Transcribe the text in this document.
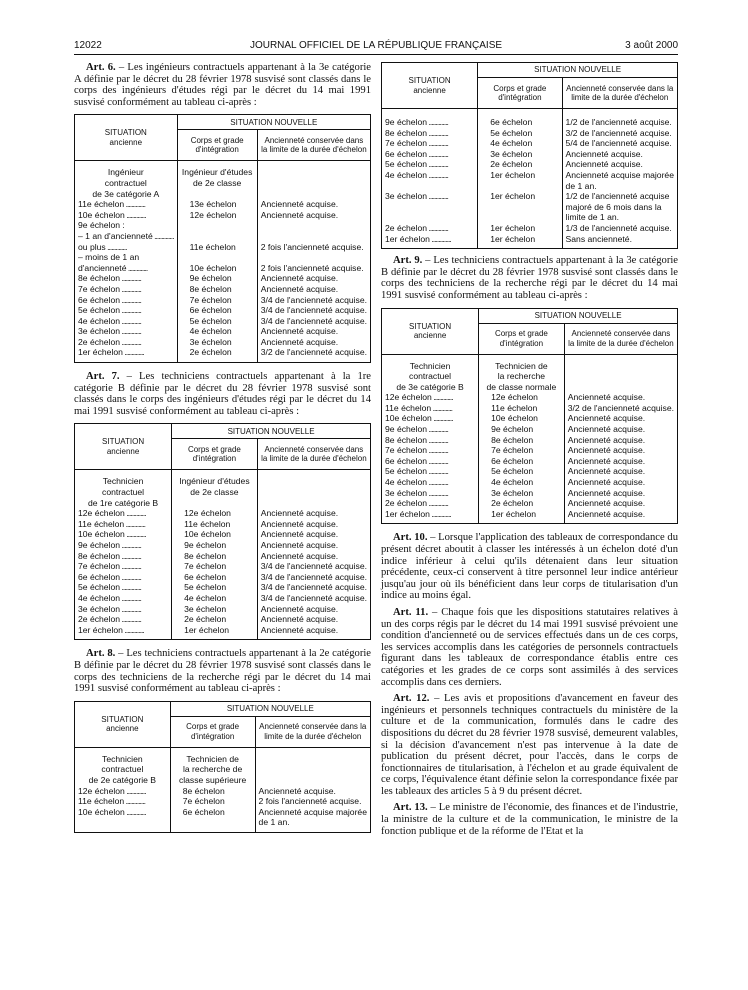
12022	JOURNAL OFFICIEL DE LA RÉPUBLIQUE FRANÇAISE	3 août 2000

Art. 6. – Les ingénieurs contractuels appartenant à la 3e catégorie A définie par le décret du 28 février 1978 susvisé sont classés dans le corps des ingénieurs d'études régi par le décret du 14 mai 1991 susvisé conformément au tableau ci-après :

SITUATION
ancienne	SITUATION NOUVELLE	
	Corps et grade d'intégration	Ancienneté conservée dans la limite de la durée d'échelon

Ingénieur	Ingénieur d'études	
contractuel	de 2e classe	
de 3e catégorie A		
11e échelon .....	13e échelon	Ancienneté acquise.
10e échelon .....	12e échelon	Ancienneté acquise.
9e échelon :		
– 1 an d'ancienneté .....		
ou plus .....	11e échelon	2 fois l'ancienneté acquise.
– moins de 1 an		
d'ancienneté .....	10e échelon	2 fois l'ancienneté acquise.
8e échelon .....	9e échelon	Ancienneté acquise.
7e échelon .....	8e échelon	Ancienneté acquise.
6e échelon .....	7e échelon	3/4 de l'ancienneté acquise.
5e échelon .....	6e échelon	3/4 de l'ancienneté acquise.
4e échelon .....	5e échelon	3/4 de l'ancienneté acquise.
3e échelon .....	4e échelon	Ancienneté acquise.
2e échelon .....	3e échelon	Ancienneté acquise.
1er échelon .....	2e échelon	3/2 de l'ancienneté acquise.

Art. 7. – Les techniciens contractuels appartenant à la 1re catégorie B définie par le décret du 28 février 1978 susvisé sont classés dans le corps des ingénieurs d'études régi par le décret du 14 mai 1991 susvisé conformément au tableau ci-après :

SITUATION
ancienne	SITUATION NOUVELLE	
	Corps et grade d'intégration	Ancienneté conservée dans la limite de la durée d'échelon

Technicien	Ingénieur d'études	
contractuel	de 2e classe	
de 1re catégorie B		
12e échelon .....	12e échelon	Ancienneté acquise.
11e échelon .....	11e échelon	Ancienneté acquise.
10e échelon .....	10e échelon	Ancienneté acquise.
9e échelon .....	9e échelon	Ancienneté acquise.
8e échelon .....	8e échelon	Ancienneté acquise.
7e échelon .....	7e échelon	3/4 de l'ancienneté acquise.
6e échelon .....	6e échelon	3/4 de l'ancienneté acquise.
5e échelon .....	5e échelon	3/4 de l'ancienneté acquise.
4e échelon .....	4e échelon	3/4 de l'ancienneté acquise.
3e échelon .....	3e échelon	Ancienneté acquise.
2e échelon .....	2e échelon	Ancienneté acquise.
1er échelon .....	1er échelon	Ancienneté acquise.

Art. 8. – Les techniciens contractuels appartenant à la 2e catégorie B définie par le décret du 28 février 1978 susvisé sont classés dans le corps des techniciens de la recherche régi par le décret du 14 mai 1991 susvisé conformément au tableau ci-après :

SITUATION
ancienne	SITUATION NOUVELLE	
	Corps et grade d'intégration	Ancienneté conservée dans la limite de la durée d'échelon

Technicien	Technicien de	
contractuel	la recherche de	
de 2e catégorie B	classe supérieure	
12e échelon .....	8e échelon	Ancienneté acquise.
11e échelon .....	7e échelon	2 fois l'ancienneté acquise.
10e échelon .....	6e échelon	Ancienneté acquise majorée
		de 1 an.

SITUATION
ancienne	SITUATION NOUVELLE	
	Corps et grade d'intégration	Ancienneté conservée dans la limite de la durée d'échelon

9e échelon .....	6e échelon	1/2 de l'ancienneté acquise.
8e échelon .....	5e échelon	3/2 de l'ancienneté acquise.
7e échelon .....	4e échelon	5/4 de l'ancienneté acquise.
6e échelon .....	3e échelon	Ancienneté acquise.
5e échelon .....	2e échelon	Ancienneté acquise.
4e échelon .....	1er échelon	Ancienneté acquise majorée
		de 1 an.
3e échelon .....	1er échelon	1/2 de l'ancienneté acquise
		majoré de 6 mois dans la
		limite de 1 an.
2e échelon .....	1er échelon	1/3 de l'ancienneté acquise.
1er échelon .....	1er échelon	Sans ancienneté.

Art. 9. – Les techniciens contractuels appartenant à la 3e catégorie B définie par le décret du 28 février 1978 susvisé sont classés dans le corps des techniciens de la recherche régi par le décret du 14 mai 1991 susvisé conformément au tableau ci-après :

SITUATION
ancienne	SITUATION NOUVELLE	
	Corps et grade d'intégration	Ancienneté conservée dans la limite de la durée d'échelon

Technicien	Technicien de	
contractuel	la recherche	
de 3e catégorie B	de classe normale	
12e échelon .....	12e échelon	Ancienneté acquise.
11e échelon .....	11e échelon	3/2 de l'ancienneté acquise.
10e échelon .....	10e échelon	Ancienneté acquise.
9e échelon .....	9e échelon	Ancienneté acquise.
8e échelon .....	8e échelon	Ancienneté acquise.
7e échelon .....	7e échelon	Ancienneté acquise.
6e échelon .....	6e échelon	Ancienneté acquise.
5e échelon .....	5e échelon	Ancienneté acquise.
4e échelon .....	4e échelon	Ancienneté acquise.
3e échelon .....	3e échelon	Ancienneté acquise.
2e échelon .....	2e échelon	Ancienneté acquise.
1er échelon .....	1er échelon	Ancienneté acquise.

Art. 10. – Lorsque l'application des tableaux de correspondance du présent décret aboutit à classer les intéressés à un échelon doté d'un indice inférieur à celui qu'ils détenaient dans leur situation précédente, ceux-ci conservent à titre personnel leur indice antérieur jusqu'au jour où ils bénéficient dans leur corps de titularisation d'un indice au moins égal.

Art. 11. – Chaque fois que les dispositions statutaires relatives à un des corps régis par le décret du 14 mai 1991 susvisé prévoient une condition d'ancienneté ou de services effectués dans un de ces corps, les services accomplis dans les catégories de personnels contractuels figurant dans les tableaux de correspondance établis entre ces catégories et les grades de ce corps sont assimilés à des services accomplis dans ces derniers.

Art. 12. – Les avis et propositions d'avancement en faveur des ingénieurs et personnels techniques contractuels du ministère de la culture et de la communication, formulés dans le cadre des dispositions du décret du 28 février 1978 susvisé, demeurent valables, si la décision d'avancement n'est pas intervenue à la date de publication du présent décret, pour l'accès, dans le corps de fonctionnaires de titularisation, à l'échelon et au grade équivalent de ce corps, l'équivalence étant définie selon la correspondance fixée par les tableaux des articles 5 à 9 du présent décret.

Art. 13. – Le ministre de l'économie, des finances et de l'industrie, la ministre de la culture et de la communication, le ministre de la fonction publique et de la réforme de l'Etat et la
